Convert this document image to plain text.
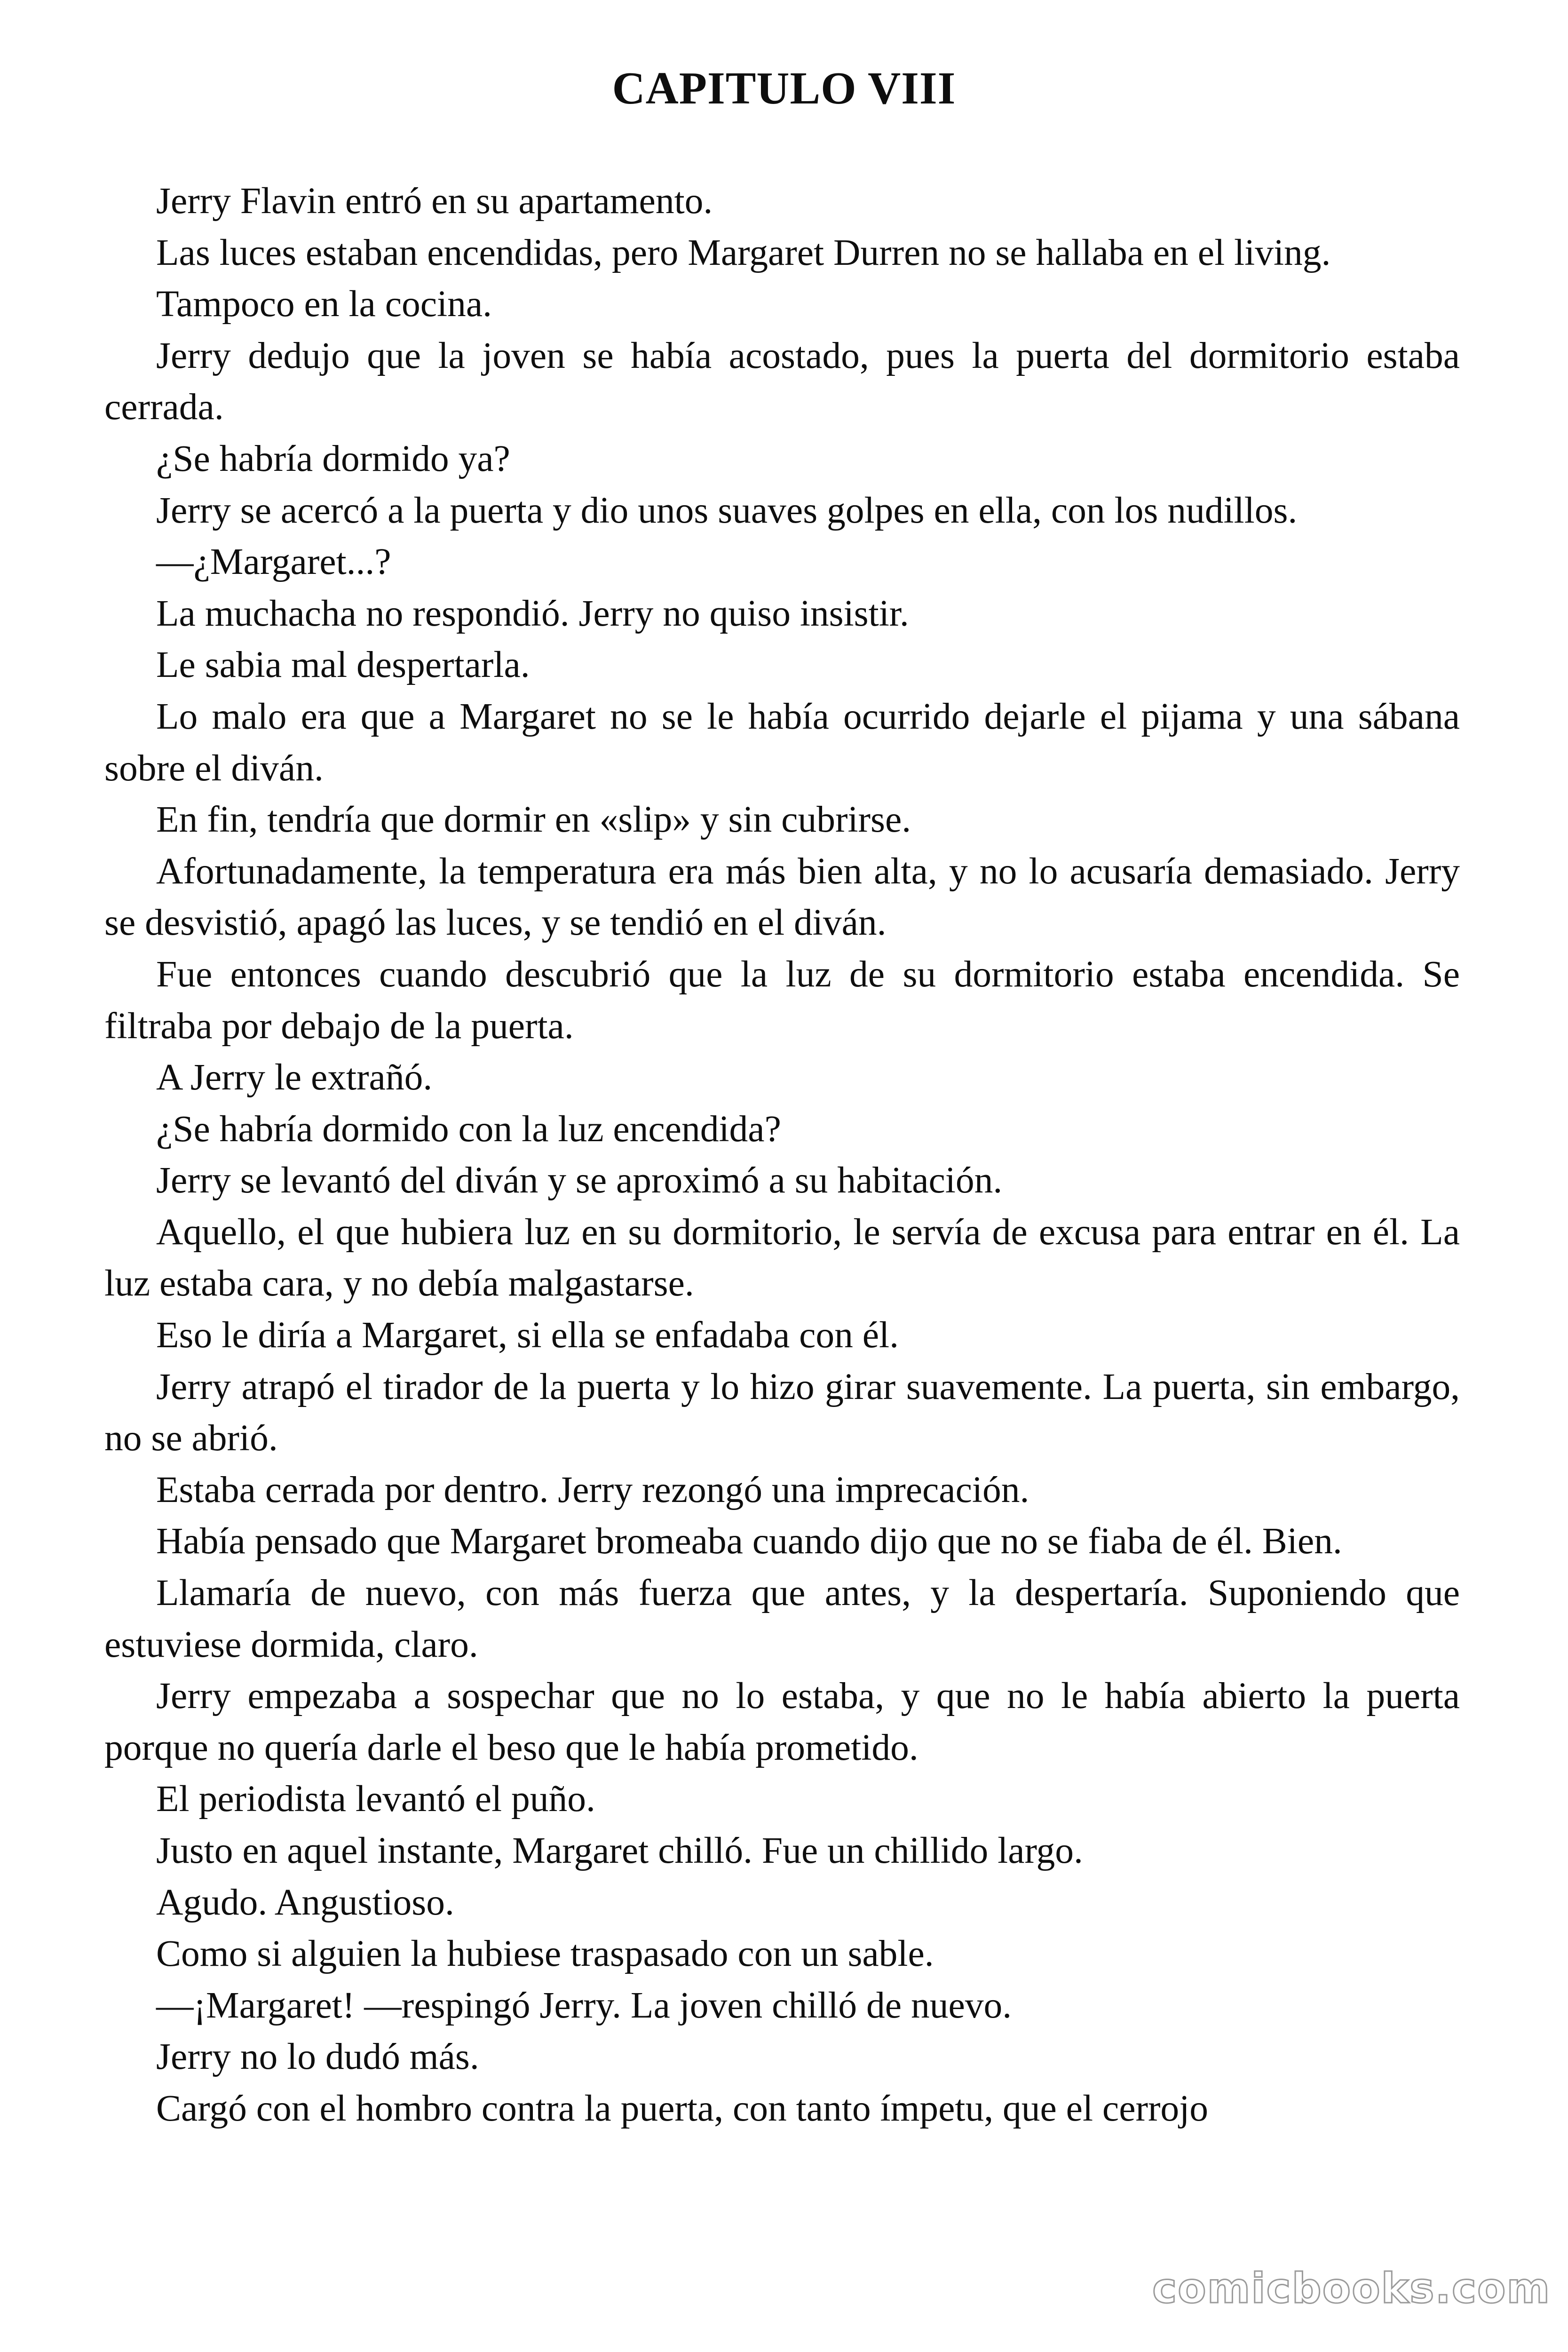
CAPITULO VIII

Jerry Flavin entró en su apartamento.

Las luces estaban encendidas, pero Margaret Durren no se hallaba en el living.

Tampoco en la cocina.

Jerry dedujo que la joven se había acostado, pues la puerta del dormitorio estaba cerrada.

¿Se habría dormido ya?

Jerry se acercó a la puerta y dio unos suaves golpes en ella, con los nudillos.

—¿Margaret...?

La muchacha no respondió. Jerry no quiso insistir.

Le sabia mal despertarla.

Lo malo era que a Margaret no se le había ocurrido dejarle el pijama y una sábana sobre el diván.

En fin, tendría que dormir en «slip» y sin cubrirse.

Afortunadamente, la temperatura era más bien alta, y no lo acusaría demasiado. Jerry se desvistió, apagó las luces, y se tendió en el diván.

Fue entonces cuando descubrió que la luz de su dormitorio estaba encendida. Se filtraba por debajo de la puerta.

A Jerry le extrañó.

¿Se habría dormido con la luz encendida?

Jerry se levantó del diván y se aproximó a su habitación.

Aquello, el que hubiera luz en su dormitorio, le servía de excusa para entrar en él. La luz estaba cara, y no debía malgastarse.

Eso le diría a Margaret, si ella se enfadaba con él.

Jerry atrapó el tirador de la puerta y lo hizo girar suavemente. La puerta, sin embargo, no se abrió.

Estaba cerrada por dentro. Jerry rezongó una imprecación.

Había pensado que Margaret bromeaba cuando dijo que no se fiaba de él. Bien.

Llamaría de nuevo, con más fuerza que antes, y la despertaría. Suponiendo que estuviese dormida, claro.

Jerry empezaba a sospechar que no lo estaba, y que no le había abierto la puerta porque no quería darle el beso que le había prometido.

El periodista levantó el puño.

Justo en aquel instante, Margaret chilló. Fue un chillido largo.

Agudo. Angustioso.

Como si alguien la hubiese traspasado con un sable.

—¡Margaret! —respingó Jerry. La joven chilló de nuevo.

Jerry no lo dudó más.

Cargó con el hombro contra la puerta, con tanto ímpetu, que el cerrojo

comicbooks.com
